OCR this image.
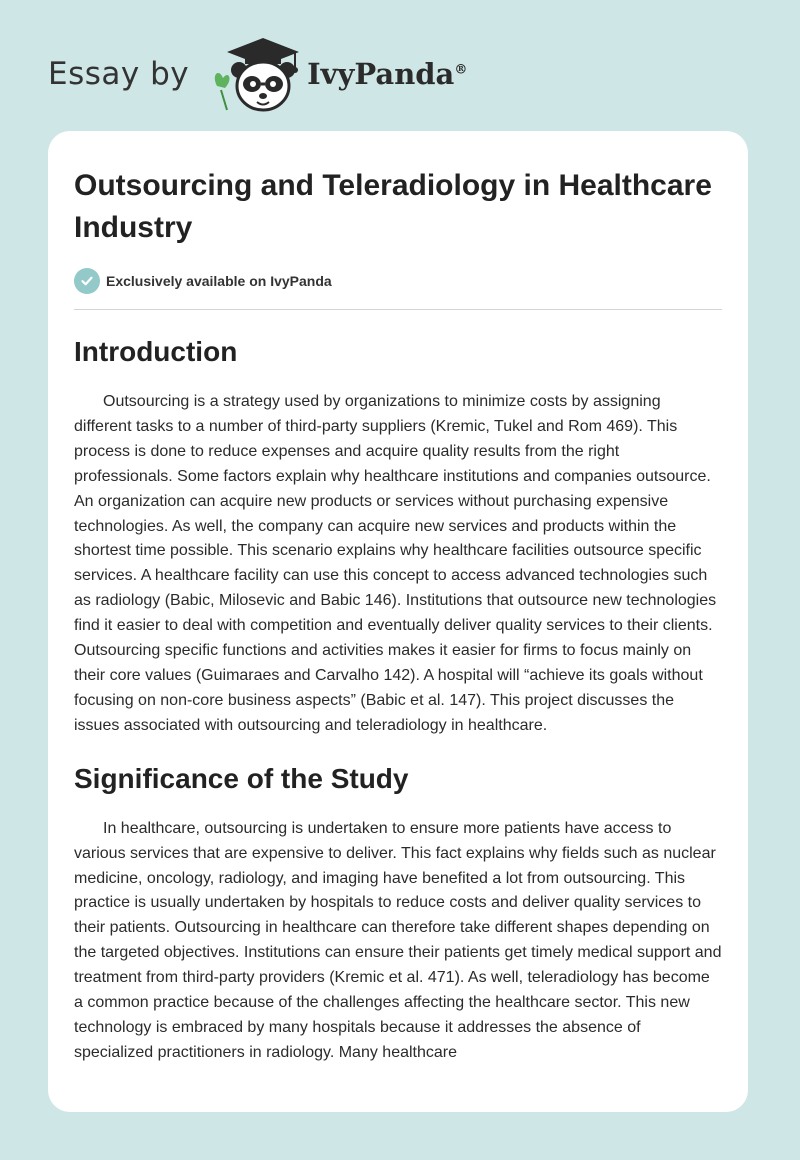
Essay by	IvyPanda®
Outsourcing and Teleradiology in Healthcare Industry
Exclusively available on IvyPanda
Introduction

Outsourcing is a strategy used by organizations to minimize costs by assigning different tasks to a number of third-party suppliers (Kremic, Tukel and Rom 469). This process is done to reduce expenses and acquire quality results from the right professionals. Some factors explain why healthcare institutions and companies outsource. An organization can acquire new products or services without purchasing expensive technologies. As well, the company can acquire new services and products within the shortest time possible. This scenario explains why healthcare facilities outsource specific services. A healthcare facility can use this concept to access advanced technologies such as radiology (Babic, Milosevic and Babic 146). Institutions that outsource new technologies find it easier to deal with competition and eventually deliver quality services to their clients. Outsourcing specific functions and activities makes it easier for firms to focus mainly on their core values (Guimaraes and Carvalho 142). A hospital will “achieve its goals without focusing on non-core business aspects” (Babic et al. 147). This project discusses the issues associated with outsourcing and teleradiology in healthcare.

Significance of the Study

In healthcare, outsourcing is undertaken to ensure more patients have access to various services that are expensive to deliver. This fact explains why fields such as nuclear medicine, oncology, radiology, and imaging have benefited a lot from outsourcing. This practice is usually undertaken by hospitals to reduce costs and deliver quality services to their patients. Outsourcing in healthcare can therefore take different shapes depending on the targeted objectives. Institutions can ensure their patients get timely medical support and treatment from third-party providers (Kremic et al. 471). As well, teleradiology has become a common practice because of the challenges affecting the healthcare sector. This new technology is embraced by many hospitals because it addresses the absence of specialized practitioners in radiology. Many healthcare
